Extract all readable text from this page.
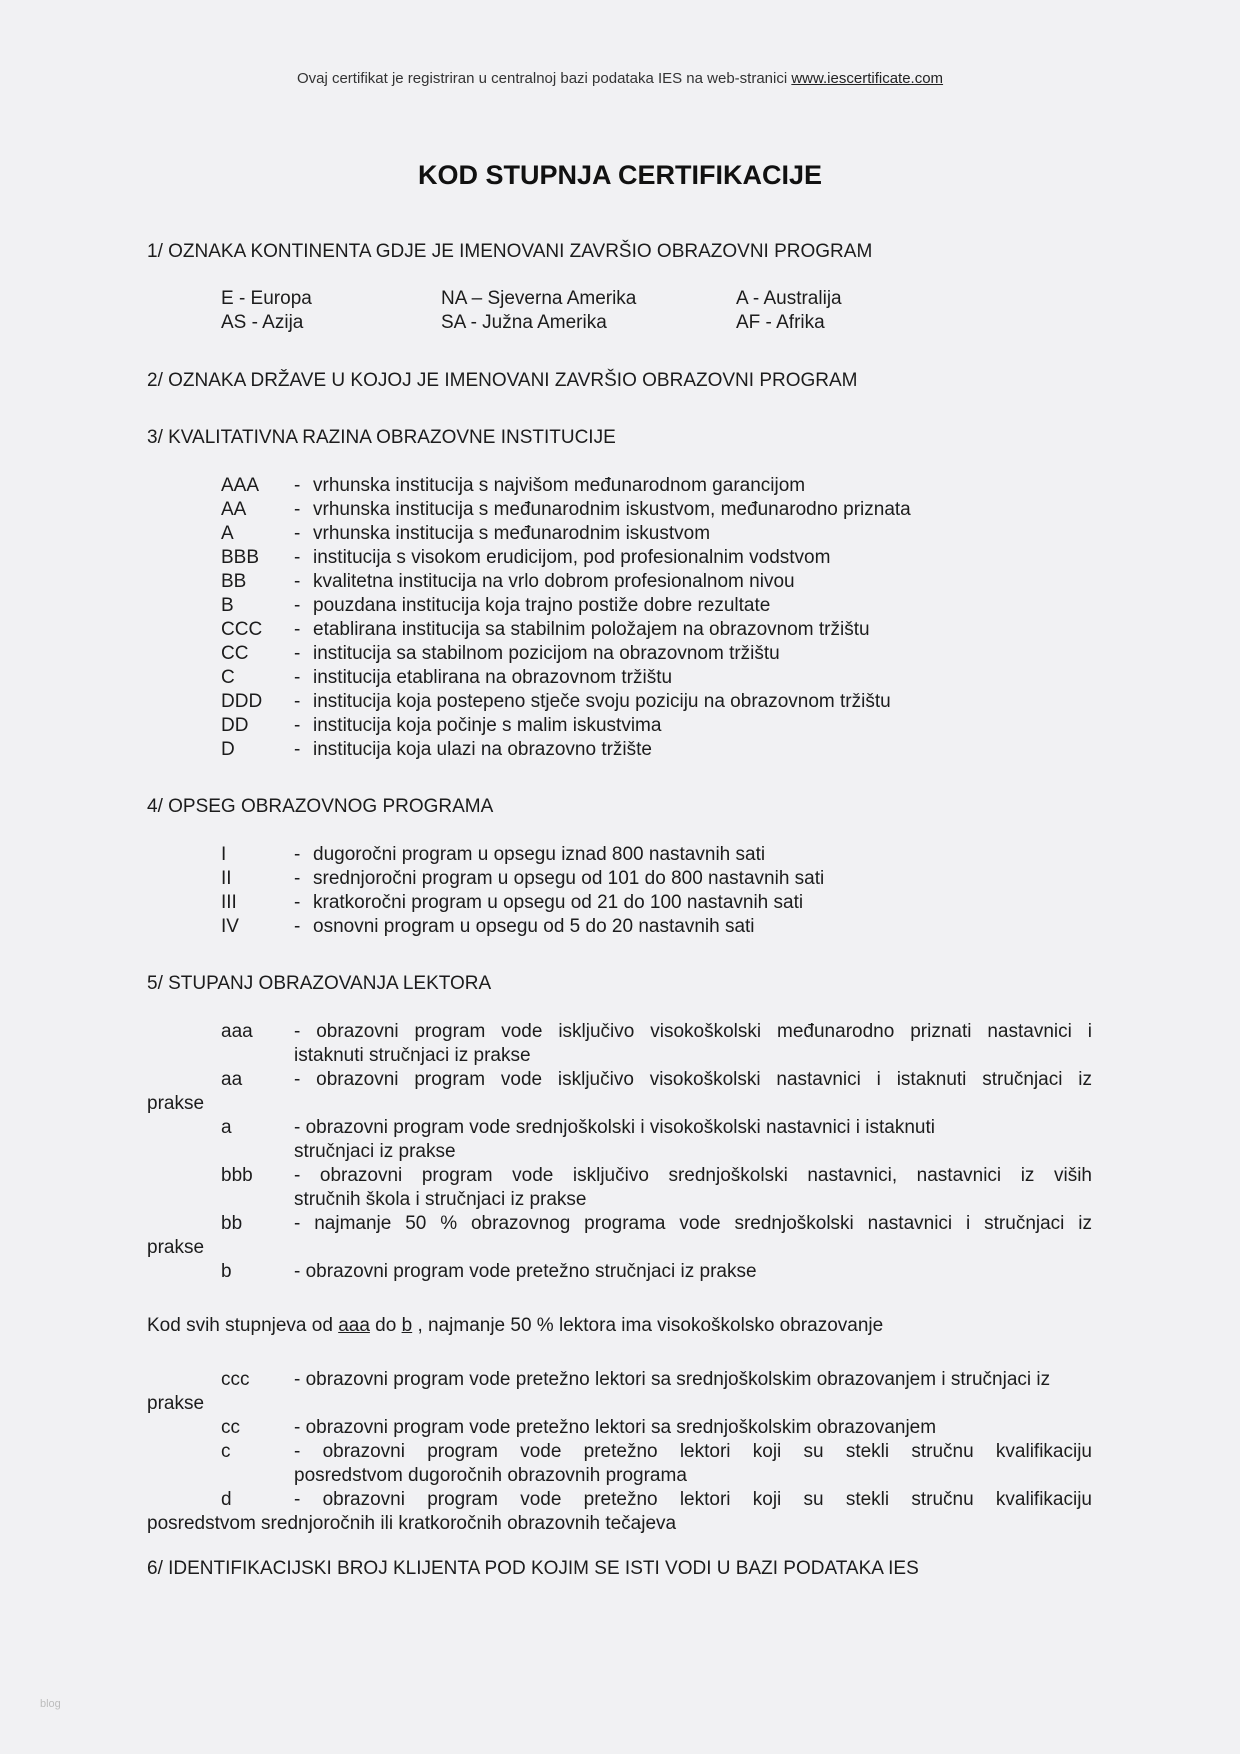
Ovaj certifikat je registriran u centralnoj bazi podataka IES na web-stranici www.iescertificate.com
KOD STUPNJA CERTIFIKACIJE
1/ OZNAKA KONTINENTA GDJE JE IMENOVANI ZAVRŠIO OBRAZOVNI PROGRAM
E - Europa	NA – Sjeverna Amerika	A - Australija
AS - Azija	SA - Južna Amerika	AF - Afrika
2/ OZNAKA DRŽAVE U KOJOJ JE IMENOVANI ZAVRŠIO OBRAZOVNI PROGRAM
3/ KVALITATIVNA RAZINA OBRAZOVNE INSTITUCIJE
AAA - vrhunska institucija s najvišom međunarodnom garancijom
AA	- vrhunska institucija s međunarodnim iskustvom, međunarodno priznata
A	- vrhunska institucija s međunarodnim iskustvom
BBB - institucija s visokom erudicijom, pod profesionalnim vodstvom
BB	- kvalitetna institucija na vrlo dobrom profesionalnom nivou
B	- pouzdana institucija koja trajno postiže dobre rezultate
CCC - etablirana institucija sa stabilnim položajem na obrazovnom tržištu
CC - institucija sa stabilnom pozicijom na obrazovnom tržištu
C	- institucija etablirana na obrazovnom tržištu
DDD - institucija koja postepeno stječe svoju poziciju na obrazovnom tržištu
DD - institucija koja počinje s malim iskustvima
D	- institucija koja ulazi na obrazovno tržište
4/ OPSEG OBRAZOVNOG PROGRAMA
I	- dugoročni program u opsegu iznad 800 nastavnih sati
II	- srednjoročni program u opsegu od 101 do 800 nastavnih sati
III	- kratkoročni program u opsegu od 21 do 100 nastavnih sati
IV	- osnovni program u opsegu od 5 do 20 nastavnih sati
5/ STUPANJ OBRAZOVANJA LEKTORA
aaa - obrazovni program vode isključivo visokoškolski međunarodno priznati nastavnici i
istaknuti stručnjaci iz prakse
aa	- obrazovni program vode isključivo visokoškolski nastavnici i istaknuti stručnjaci iz
prakse
a	- obrazovni program vode srednjoškolski i visokoškolski nastavnici i istaknuti
stručnjaci iz prakse
bbb - obrazovni program vode isključivo srednjoškolski nastavnici, nastavnici iz viših
stručnih škola i stručnjaci iz prakse
bb	- najmanje 50 % obrazovnog programa vode srednjoškolski nastavnici i stručnjaci iz
prakse
b	- obrazovni program vode pretežno stručnjaci iz prakse
Kod svih stupnjeva od aaa do b , najmanje 50 % lektora ima visokoškolsko obrazovanje
ccc - obrazovni program vode pretežno lektori sa srednjoškolskim obrazovanjem i stručnjaci iz
prakse
cc	- obrazovni program vode pretežno lektori sa srednjoškolskim obrazovanjem
c	- obrazovni program vode pretežno lektori koji su stekli stručnu kvalifikaciju
posredstvom dugoročnih obrazovnih programa
d	- obrazovni program vode pretežno lektori koji su stekli stručnu kvalifikaciju
posredstvom srednjoročnih ili kratkoročnih obrazovnih tečajeva
6/ IDENTIFIKACIJSKI BROJ KLIJENTA POD KOJIM SE ISTI VODI U BAZI PODATAKA IES
blog
